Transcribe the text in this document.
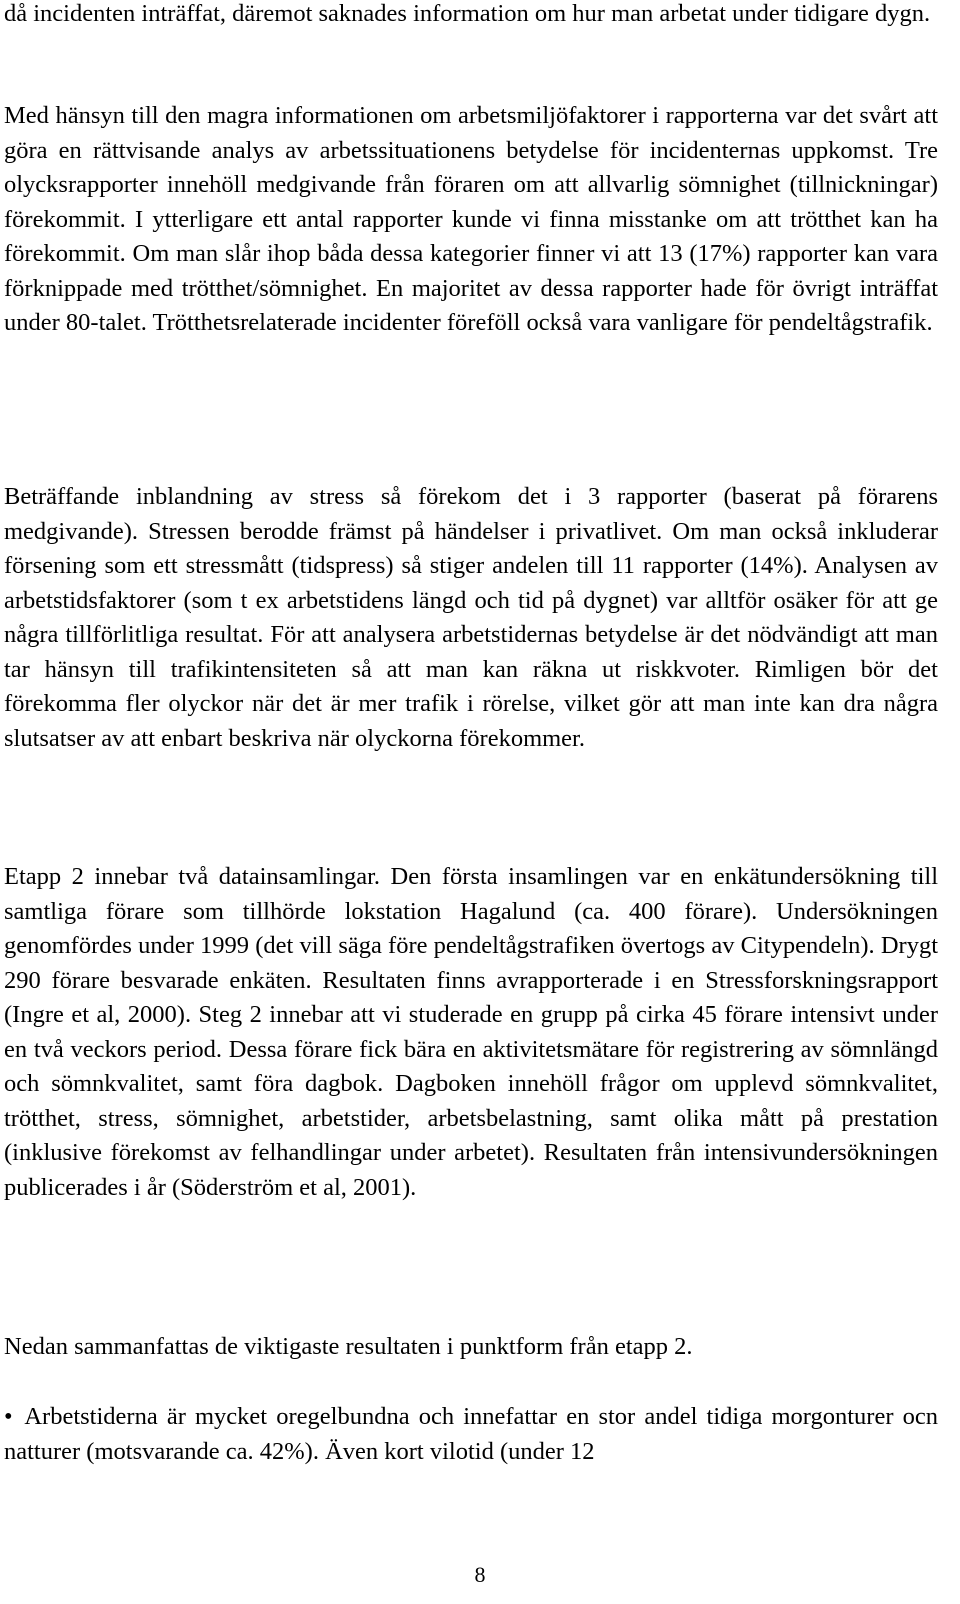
då incidenten inträffat, däremot saknades information om hur man arbetat under tidigare dygn.

Med hänsyn till den magra informationen om arbetsmiljöfaktorer i rapporterna var det svårt att göra en rättvisande analys av arbetssituationens betydelse för incidenternas uppkomst. Tre olycksrapporter innehöll medgivande från föraren om att allvarlig sömnighet (tillnickningar) förekommit. I ytterligare ett antal rapporter kunde vi finna misstanke om att trötthet kan ha förekommit. Om man slår ihop båda dessa kategorier finner vi att 13 (17%) rapporter kan vara förknippade med trötthet/sömnighet. En majoritet av dessa rapporter hade för övrigt inträffat under 80-talet. Trötthetsrelaterade incidenter föreföll också vara vanligare för pendeltågstrafik.

Beträffande inblandning av stress så förekom det i 3 rapporter (baserat på förarens medgivande). Stressen berodde främst på händelser i privatlivet. Om man också inkluderar försening som ett stressmått (tidspress) så stiger andelen till 11 rapporter (14%). Analysen av arbetstidsfaktorer (som t ex arbetstidens längd och tid på dygnet) var alltför osäker för att ge några tillförlitliga resultat. För att analysera arbetstidernas betydelse är det nödvändigt att man tar hänsyn till trafikintensiteten så att man kan räkna ut riskkvoter. Rimligen bör det förekomma fler olyckor när det är mer trafik i rörelse, vilket gör att man inte kan dra några slutsatser av att enbart beskriva när olyckorna förekommer.

Etapp 2 innebar två datainsamlingar. Den första insamlingen var en enkätundersökning till samtliga förare som tillhörde lokstation Hagalund (ca. 400 förare). Undersökningen genomfördes under 1999 (det vill säga före pendeltågstrafiken övertogs av Citypendeln). Drygt 290 förare besvarade enkäten. Resultaten finns avrapporterade i en Stressforskningsrapport (Ingre et al, 2000). Steg 2 innebar att vi studerade en grupp på cirka 45 förare intensivt under en två veckors period. Dessa förare fick bära en aktivitetsmätare för registrering av sömnlängd och sömnkvalitet, samt föra dagbok. Dagboken innehöll frågor om upplevd sömnkvalitet, trötthet, stress, sömnighet, arbetstider, arbetsbelastning, samt olika mått på prestation (inklusive förekomst av felhandlingar under arbetet). Resultaten från intensivundersökningen publicerades i år (Söderström et al, 2001).

Nedan sammanfattas de viktigaste resultaten i punktform från etapp 2.

• Arbetstiderna är mycket oregelbundna och innefattar en stor andel tidiga morgonturer ocn natturer (motsvarande ca. 42%). Även kort vilotid (under 12

8
